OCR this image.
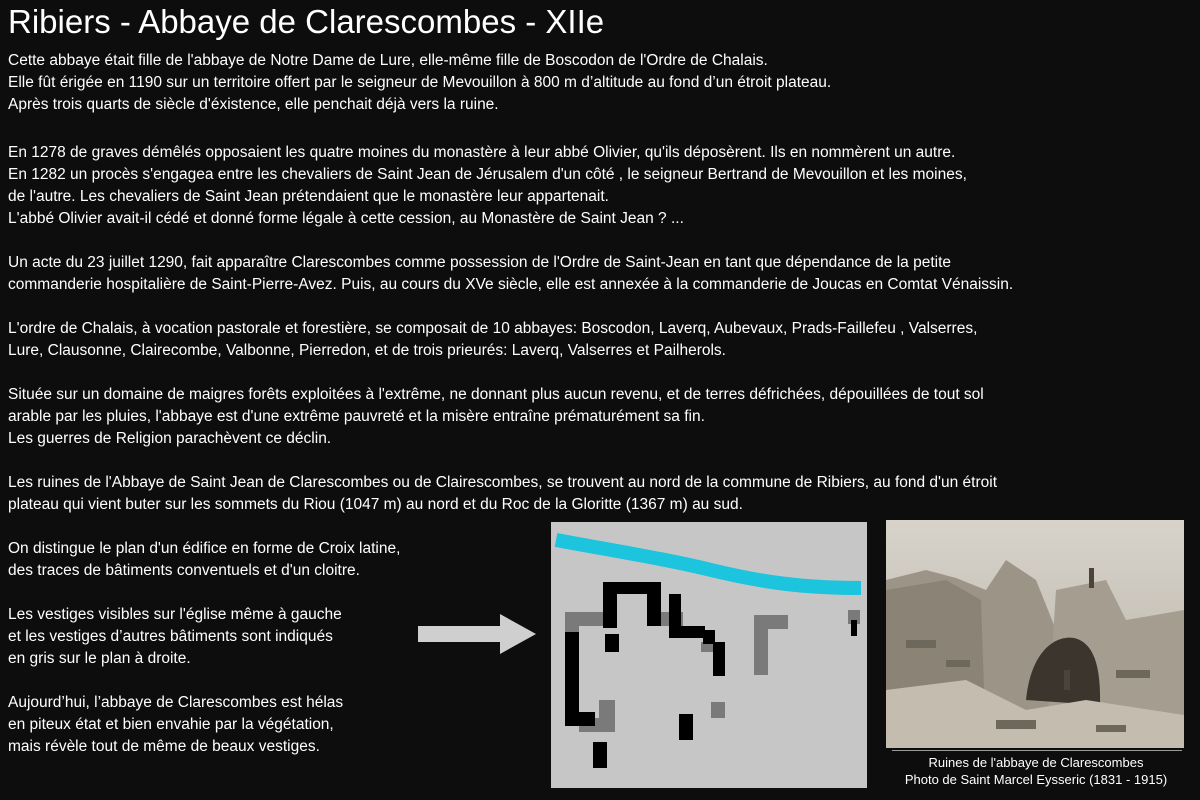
Ribiers - Abbaye de Clarescombes - XIIe

Cette abbaye était fille de l'abbaye de Notre Dame de Lure, elle-même fille de Boscodon de l'Ordre de Chalais.
Elle fût érigée en 1190 sur un territoire offert par le seigneur de Mevouillon à 800 m d’altitude au fond d’un étroit plateau.
Après trois quarts de siècle d'éxistence, elle penchait déjà vers la ruine.

En 1278 de graves démêlés opposaient les quatre moines du monastère à leur abbé Olivier, qu'ils déposèrent. Ils en nommèrent un autre.
En 1282 un procès s'engagea entre les chevaliers de Saint Jean de Jérusalem d'un côté , le seigneur Bertrand de Mevouillon et les moines,
de l'autre. Les chevaliers de Saint Jean prétendaient que le monastère leur appartenait.
L'abbé Olivier avait-il cédé et donné forme légale à cette cession, au Monastère de Saint Jean ? ...

Un acte du 23 juillet 1290, fait apparaître Clarescombes comme possession de l'Ordre de Saint-Jean en tant que dépendance de la petite
commanderie hospitalière de Saint-Pierre-Avez. Puis, au cours du XVe siècle, elle est annexée à la commanderie de Joucas en Comtat Vénaissin.

L'ordre de Chalais, à vocation pastorale et forestière, se composait de 10 abbayes: Boscodon, Laverq, Aubevaux, Prads-Faillefeu , Valserres,
Lure, Clausonne, Clairecombe, Valbonne, Pierredon, et de trois prieurés: Laverq, Valserres et Pailherols.

Située sur un domaine de maigres forêts exploitées à l'extrême, ne donnant plus aucun revenu, et de terres défrichées, dépouillées de tout sol
arable par les pluies, l'abbaye est d'une extrême pauvreté et la misère entraîne prématurément sa fin.
Les guerres de Religion parachèvent ce déclin.

Les ruines de l'Abbaye de Saint Jean de Clarescombes ou de Clairescombes, se trouvent au nord de la commune de Ribiers, au fond d'un étroit
plateau qui vient buter sur les sommets du Riou (1047 m) au nord et du Roc de la Gloritte (1367 m) au sud.

On distingue le plan d'un édifice en forme de Croix latine,
des traces de bâtiments conventuels et d'un cloitre.

Les vestiges visibles sur l'église même à gauche
et les vestiges d’autres bâtiments sont indiqués
en gris sur le plan à droite.

Aujourd’hui, l’abbaye de Clarescombes est hélas
en piteux état et bien envahie par la végétation,
mais révèle tout de même de beaux vestiges.

Ruines de l'abbaye de Clarescombes
Photo de Saint Marcel Eysseric (1831 - 1915)
